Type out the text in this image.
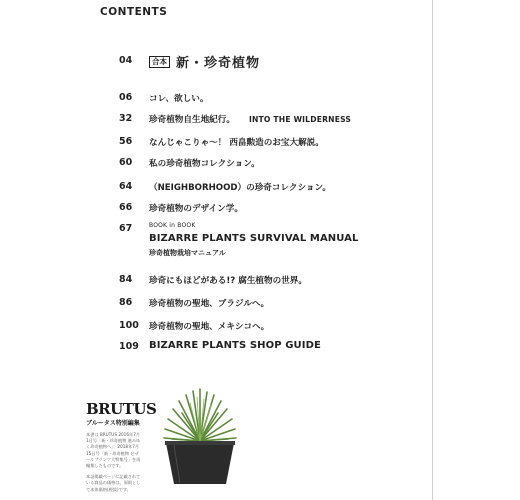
CONTENTS
04	合本 新・珍奇植物
06 コレ、欲しい。
32 珍奇植物自生地紀行。 INTO THE WILDERNESS
56 なんじゃこりゃ〜！ 西畠勲造のお宝大解説。
60 私の珍奇植物コレクション。
64 （NEIGHBORHOOD）の珍奇コレクション。
66 珍奇植物のデザイン学。
67	BOOK in BOOK
BIZARRE PLANTS SURVIVAL MANUAL
珍奇植物栽培マニュアル
84 珍奇にもほどがある!? 腐生植物の世界。
86 珍奇植物の聖地、ブラジルへ。
100 珍奇植物の聖地、メキシコへ。
109 BIZARRE PLANTS SHOP GUIDE
BRUTUS
ブルータス特別編集
本書は BRUTUS 2016年7月1日号「新・珍奇植物 進みゆく珍奇植物へ」、2018年7月15日号「新・珍奇植物 ビザールプランツ大特集号」を再編集したものです。
本誌掲載ページに記載されている商品の価格は、原則として本体価格(税抜)です。
